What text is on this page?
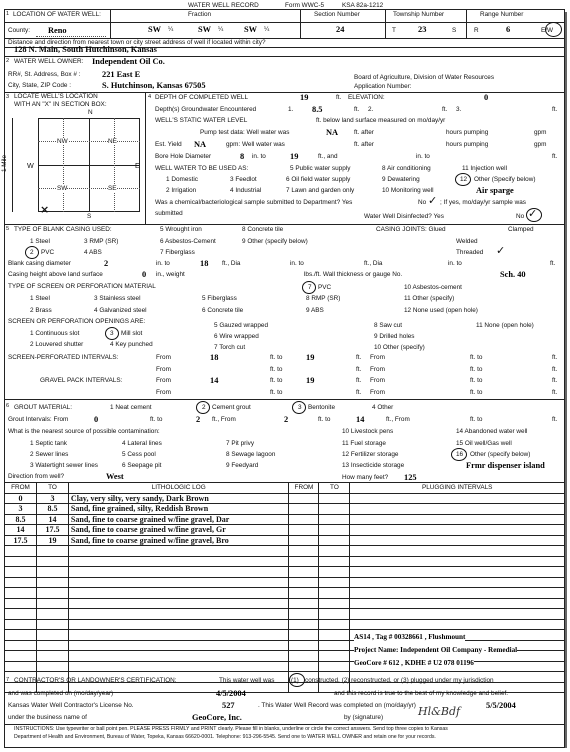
WATER WELL RECORD	Form WWC-5	KSA 82a-1212
1 LOCATION OF WATER WELL:
County: Reno
Fraction
SW ¼	SW ¼ SW ¼
Section Number
24
Township Number
T	23	S
Range Number
R	6	E/W
Distance and direction from nearest town or city street address of well if located within city?
128 N. Main, South Hutchinson, Kansas
2 WATER WELL OWNER: Independent Oil Co.
RR#, St. Address, Box # :	221 East E
City, State, ZIP Code :	S. Hutchinson, Kansas 67505
Board of Agriculture, Division of Water Resources
Application Number:
3 LOCATE WELL'S LOCATION
WITH AN "X" IN SECTION BOX:
N
NW	NE
SW	SE
W	E
×
S
1 Mile
4 DEPTH OF COMPLETED WELL	19	ft. ELEVATION:	0
Depth(s) Groundwater Encountered	1. 8.5	ft. 2.	ft. 3.	ft.
WELL'S STATIC WATER LEVEL	ft. below land surface measured on mo/day/yr
Pump test data: Well water was	NA ft. after	hours pumping	gpm
Est. Yield NA	gpm: Well water was	ft. after	hours pumping	gpm
Bore Hole Diameter	8 in. to	19	ft., and	in. to	ft.
WELL WATER TO BE USED AS:	5 Public water supply	8 Air conditioning	11 Injection well
1 Domestic	3 Feedlot	6 Oil field water supply	9 Dewatering	12 Other (Specify below)
2 Irrigation	4 Industrial	7 Lawn and garden only	10 Monitoring well	Air sparge
Was a chemical/bacteriological sample submitted to Department? Yes	No ✓ ; If yes, mo/day/yr sample was
submitted	Water Well Disinfected? Yes	No ✓
5 TYPE OF BLANK CASING USED:
1 Steel	3 RMP (SR)
5 Wrought iron	8 Concrete tile
2 PVC	4 ABS
6 Asbestos-Cement	9 Other (specify below)
7 Fiberglass
CASING JOINTS: Glued	Clamped
Welded
Threaded ✓
Blank casing diameter	2	in. to	18 ft., Dia	in. to	ft., Dia	in. to	ft.
Casing height above land surface	0 in., weight	lbs./ft. Wall thickness or gauge No.	Sch. 40
TYPE OF SCREEN OR PERFORATION MATERIAL
1 Steel	3 Stainless steel	5 Fiberglass
7 PVC	10 Asbestos-cement
2 Brass	4 Galvanized steel	6 Concrete tile
8 RMP (SR)	11 Other (specify)
9 ABS	12 None used (open hole)
SCREEN OR PERFORATION OPENINGS ARE:
1 Continuous slot	3 Mill slot
5 Gauzed wrapped	8 Saw cut	11 None (open hole)
2 Louvered shutter	4 Key punched
6 Wire wrapped	9 Drilled holes
7 Torch cut	10 Other (specify)
SCREEN-PERFORATED INTERVALS:	From	18	ft. to	19	ft. From	ft. to	ft.
From	ft. to	ft. From	ft. to	ft.
GRAVEL PACK INTERVALS:	From	14	ft. to	19	ft. From	ft. to	ft.
From	ft. to	ft. From	ft. to	ft.
6 GROUT MATERIAL:	1 Neat cement	2 Cement grout	3 Bentonite	4 Other
Grout Intervals: From	0	ft. to	2 ft., From	2	ft. to	14	ft., From	ft. to	ft.
What is the nearest source of possible contamination:
1 Septic tank	4 Lateral lines	7 Pit privy
10 Livestock pens	14 Abandoned water well
2 Sewer lines	5 Cess pool	8 Sewage lagoon
11 Fuel storage	15 Oil well/Gas well
3 Watertight sewer lines	6 Seepage pit	9 Feedyard
12 Fertilizer storage	16 Other (specify below)
13 Insecticide storage	Frmr dispenser island
Direction from well?	West	How many feet? 125
FROM	TO	LITHOLOGIC LOG	FROM	TO	PLUGGING INTERVALS
0	3	Clay, very silty, very sandy, Dark Brown			
3	8.5	Sand, fine grained, silty, Reddish Brown			
8.5	14	Sand, fine to coarse grained w/fine gravel, Dar			
14	17.5	Sand, fine to coarse grained w/fine gravel, Gr			
17.5	19	Sand, fine to coarse grained w/fine gravel, Bro			

AS14 , Tag # 00328661 , Flushmount
Project Name: Independent Oil Company - Remedial
GeoCore # 612 , KDHE # U2 078 01196
7 CONTRACTOR'S OR LANDOWNER'S CERTIFICATION:	This water well was	(1) constructed, (2) reconstructed, or (3) plugged under my jurisdiction
and was completed on (mo/day/year)	4/5/2004	and this record is true to the best of my knowledge and belief.
Kansas Water Well Contractor's License No.	527	. This Water Well Record was completed on (mo/day/yr)	5/5/2004
under the business name of	GeoCore, Inc.	by (signature)	Hl&Bdf
INSTRUCTIONS: Use typewriter or ball point pen. PLEASE PRESS FIRMLY and PRINT clearly. Please fill in blanks, underline or circle the correct answers. Send top three copies to Kansas
Department of Health and Environment, Bureau of Water, Topeka, Kansas 66620-0001. Telephone: 913-296-5545. Send one to WATER WELL OWNER and retain one for your records.
